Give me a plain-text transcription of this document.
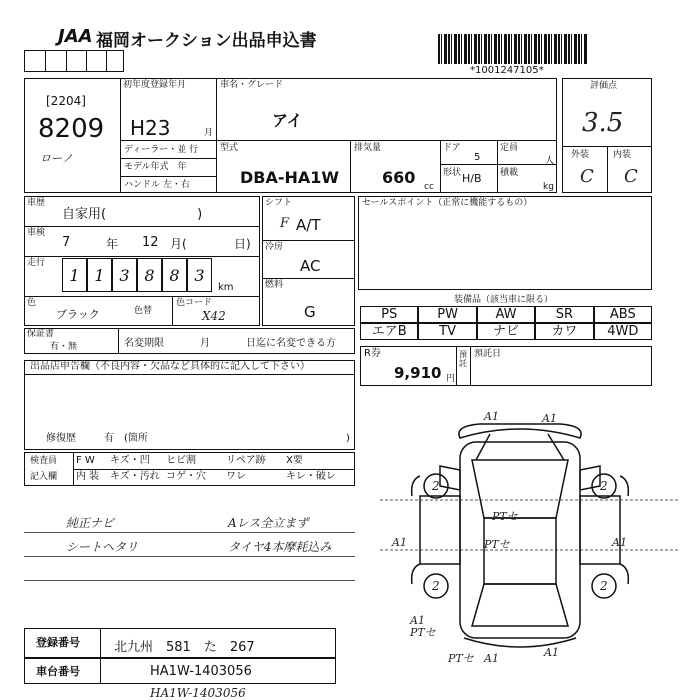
JAA 福岡オークション出品申込書
*1001247105*
[2204]
8209
ローノ
初年度登録年月
H23	月
ディーラー・並 行
モデル年式　年
ハンドル 左・右
車名・グレード
アイ
型式
DBA-HA1W
排気量
660 cc
ドア
5
形状 H/B
定員
人
積載
kg
評価点
3.5
外装	内装
C C
車歴
自家用(　　　　　　　)
車検
7	年 12 月(	日)
走行
1 1 3 8 8 3
km
色
ブラック	色替
色コード
X42
シフト
F A/T
冷房
AC
燃料
G
セールスポイント（正常に機能するもの）
装備品（該当車に限る）
PS	PW	AW	SR	ABS
エアB	TV	ナビ	カワ	4WD
保証書
有・無	名変期限	月	日迄に名変できる方
R券
9,910 円
預託
預託日
出品店申告欄（不良内容・欠品など具体的に記入して下さい）
修復歴	有　(箇所	)
検査員
記入欄
F W キズ・凹 ヒビ割	リペア跡 X要
内 装 キズ・汚れ コゲ・穴 ワレ	キレ・破レ
純正ナビ	Aレス全立まず
シートヘタリ	タイヤ4本摩耗込み
登録番号	北九州　581　た　267
車台番号	HA1W-1403056
HA1W-1403056
A1	A1
A1	A1
PTセ
PTセ
A1
PTセ
PTセ A1	A1
2	2
2	2
